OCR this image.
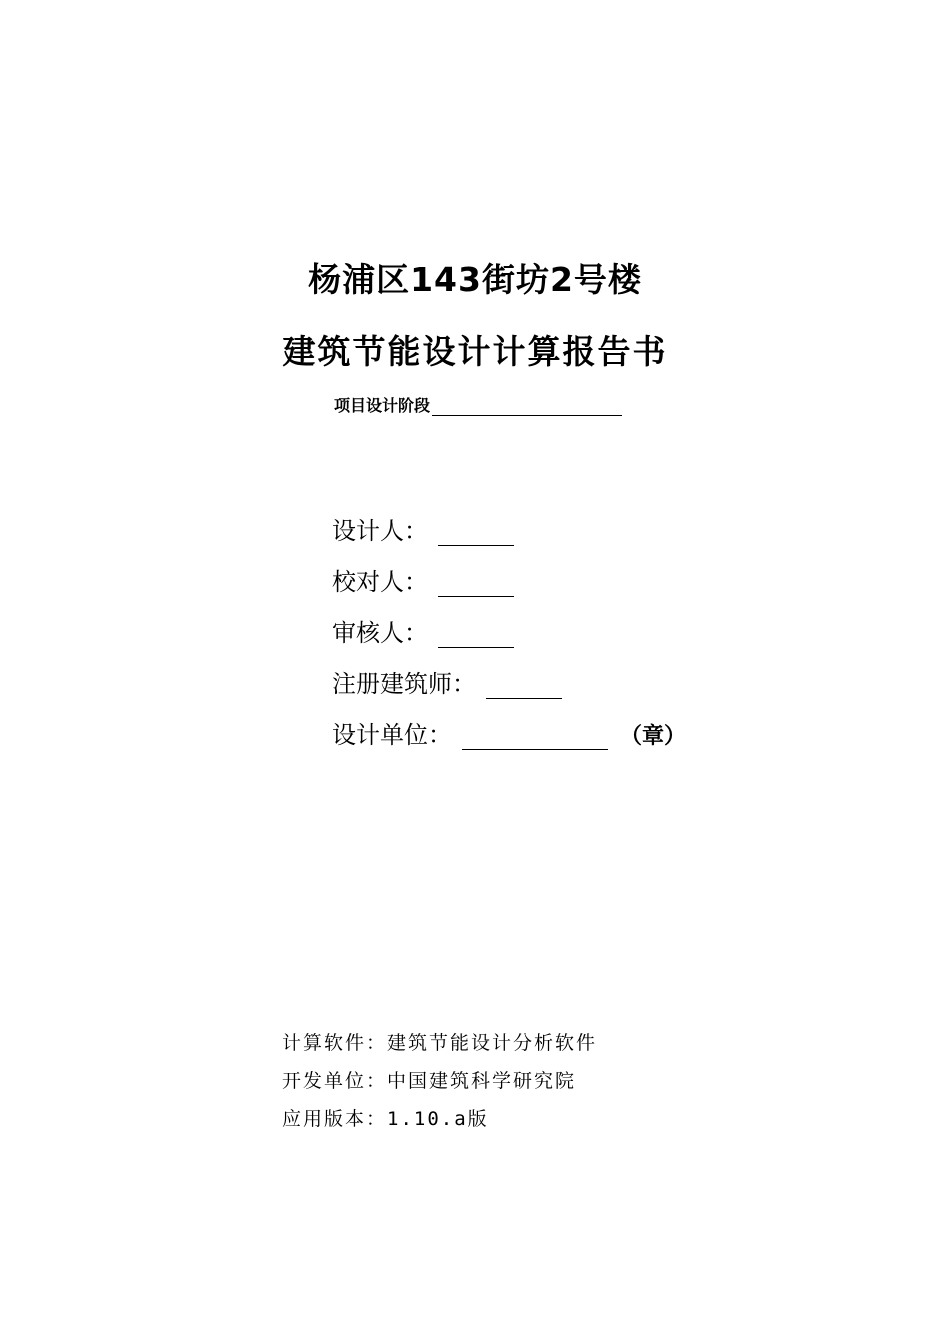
杨浦区143街坊2号楼
建筑节能设计计算报告书
项目设计阶段
设计人：
校对人：
审核人：
注册建筑师：
设计单位：	（章）
计算软件：建筑节能设计分析软件
开发单位：中国建筑科学研究院
应用版本：1.10.a版
